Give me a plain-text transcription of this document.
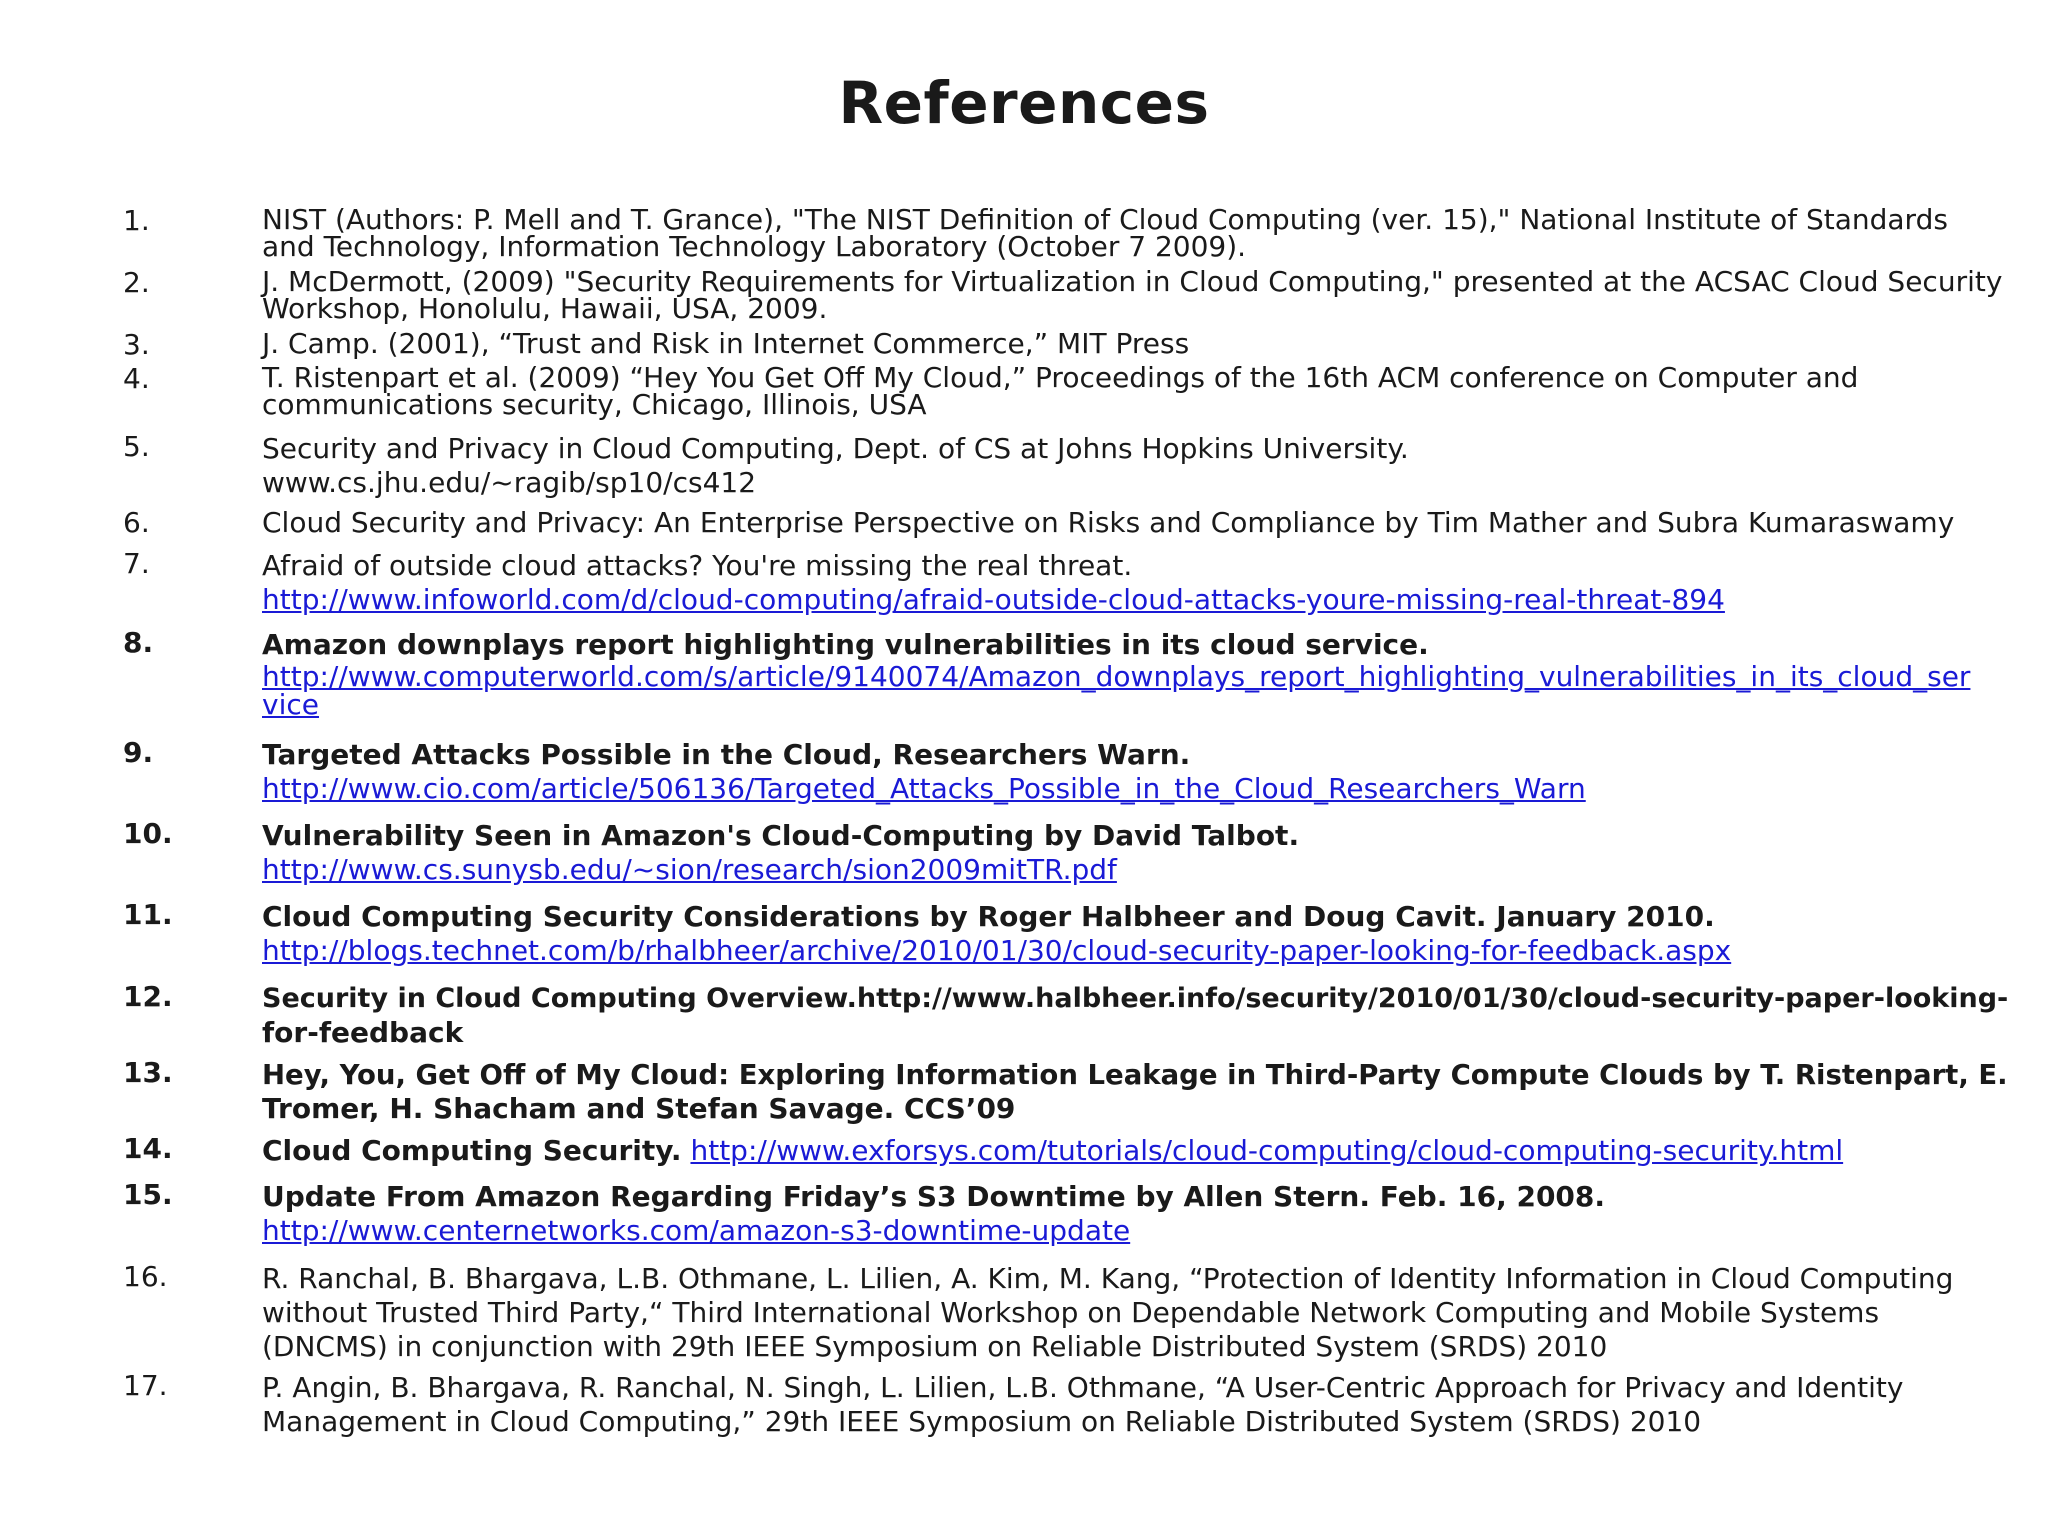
References
1.	NIST (Authors: P. Mell and T. Grance), "The NIST Definition of Cloud Computing (ver. 15)," National Institute of Standards
and Technology, Information Technology Laboratory (October 7 2009).
2.	J. McDermott, (2009) "Security Requirements for Virtualization in Cloud Computing," presented at the ACSAC Cloud Security
Workshop, Honolulu, Hawaii, USA, 2009.
3.	J. Camp. (2001), “Trust and Risk in Internet Commerce,” MIT Press
4.	T. Ristenpart et al. (2009) “Hey You Get Off My Cloud,” Proceedings of the 16th ACM conference on Computer and
communications security, Chicago, Illinois, USA
5.	Security and Privacy in Cloud Computing, Dept. of CS at Johns Hopkins University.
www.cs.jhu.edu/~ragib/sp10/cs412
6.	Cloud Security and Privacy: An Enterprise Perspective on Risks and Compliance by Tim Mather and Subra Kumaraswamy
7.	Afraid of outside cloud attacks? You're missing the real threat.
http://www.infoworld.com/d/cloud-computing/afraid-outside-cloud-attacks-youre-missing-real-threat-894
8.	Amazon downplays report highlighting vulnerabilities in its cloud service.
http://www.computerworld.com/s/article/9140074/Amazon_downplays_report_highlighting_vulnerabilities_in_its_cloud_ser
vice
9.	Targeted Attacks Possible in the Cloud, Researchers Warn.
http://www.cio.com/article/506136/Targeted_Attacks_Possible_in_the_Cloud_Researchers_Warn
10.	Vulnerability Seen in Amazon's Cloud-Computing by David Talbot.
http://www.cs.sunysb.edu/~sion/research/sion2009mitTR.pdf
11.	Cloud Computing Security Considerations by Roger Halbheer and Doug Cavit. January 2010.
http://blogs.technet.com/b/rhalbheer/archive/2010/01/30/cloud-security-paper-looking-for-feedback.aspx
12.	Security in Cloud Computing Overview.http://www.halbheer.info/security/2010/01/30/cloud-security-paper-looking-
for-feedback
13.	Hey, You, Get Off of My Cloud: Exploring Information Leakage in Third-Party Compute Clouds by T. Ristenpart, E.
Tromer, H. Shacham and Stefan Savage. CCS’09
14.	Cloud Computing Security. http://www.exforsys.com/tutorials/cloud-computing/cloud-computing-security.html
15.	Update From Amazon Regarding Friday’s S3 Downtime by Allen Stern. Feb. 16, 2008.
http://www.centernetworks.com/amazon-s3-downtime-update
16.	R. Ranchal, B. Bhargava, L.B. Othmane, L. Lilien, A. Kim, M. Kang, “Protection of Identity Information in Cloud Computing
without Trusted Third Party,“ Third International Workshop on Dependable Network Computing and Mobile Systems
(DNCMS) in conjunction with 29th IEEE Symposium on Reliable Distributed System (SRDS) 2010
17.	P. Angin, B. Bhargava, R. Ranchal, N. Singh, L. Lilien, L.B. Othmane, “A User-Centric Approach for Privacy and Identity
Management in Cloud Computing,” 29th IEEE Symposium on Reliable Distributed System (SRDS) 2010
